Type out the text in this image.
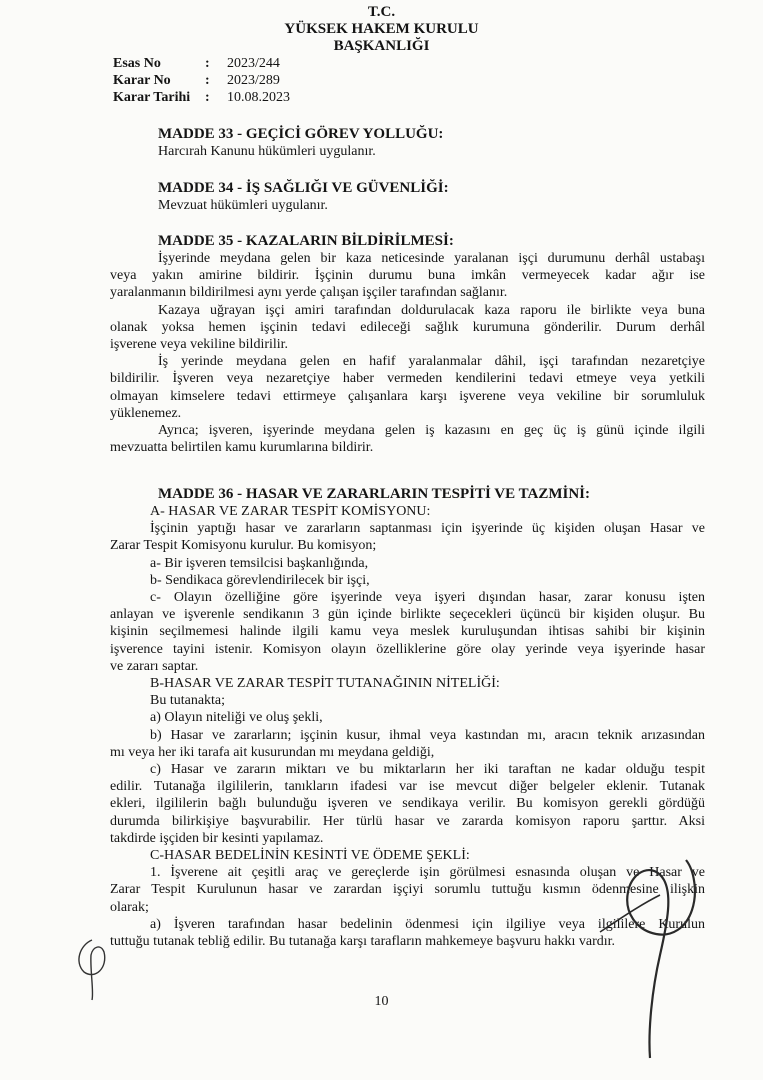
T.C.
YÜKSEK HAKEM KURULU
BAŞKANLIĞI
Esas No	:	2023/244
Karar No	:	2023/289
Karar Tarihi	:	10.08.2023

MADDE 33 - GEÇİCİ GÖREV YOLLUĞU:

Harcırah Kanunu hükümleri uygulanır.

MADDE 34 - İŞ SAĞLIĞI VE GÜVENLİĞİ:

Mevzuat hükümleri uygulanır.

MADDE 35 - KAZALARIN BİLDİRİLMESİ:

İşyerinde meydana gelen bir kaza neticesinde yaralanan işçi durumunu derhâl ustabaşı

veya yakın amirine bildirir. İşçinin durumu buna imkân vermeyecek kadar ağır ise

yaralanmanın bildirilmesi aynı yerde çalışan işçiler tarafından sağlanır.

Kazaya uğrayan işçi amiri tarafından doldurulacak kaza raporu ile birlikte veya buna

olanak yoksa hemen işçinin tedavi edileceği sağlık kurumuna gönderilir. Durum derhâl

işverene veya vekiline bildirilir.

İş yerinde meydana gelen en hafif yaralanmalar dâhil, işçi tarafından nezaretçiye

bildirilir. İşveren veya nezaretçiye haber vermeden kendilerini tedavi etmeye veya yetkili

olmayan kimselere tedavi ettirmeye çalışanlara karşı işverene veya vekiline bir sorumluluk

yüklenemez.

Ayrıca; işveren, işyerinde meydana gelen iş kazasını en geç üç iş günü içinde ilgili

mevzuatta belirtilen kamu kurumlarına bildirir.

MADDE 36 - HASAR VE ZARARLARIN TESPİTİ VE TAZMİNİ:

A- HASAR VE ZARAR TESPİT KOMİSYONU:

İşçinin yaptığı hasar ve zararların saptanması için işyerinde üç kişiden oluşan Hasar ve

Zarar Tespit Komisyonu kurulur. Bu komisyon;

a- Bir işveren temsilcisi başkanlığında,

b- Sendikaca görevlendirilecek bir işçi,

c- Olayın özelliğine göre işyerinde veya işyeri dışından hasar, zarar konusu işten

anlayan ve işverenle sendikanın 3 gün içinde birlikte seçecekleri üçüncü bir kişiden oluşur. Bu

kişinin seçilmemesi halinde ilgili kamu veya meslek kuruluşundan ihtisas sahibi bir kişinin

işverence tayini istenir. Komisyon olayın özelliklerine göre olay yerinde veya işyerinde hasar

ve zararı saptar.

B-HASAR VE ZARAR TESPİT TUTANAĞININ NİTELİĞİ:

Bu tutanakta;

a) Olayın niteliği ve oluş şekli,

b) Hasar ve zararların; işçinin kusur, ihmal veya kastından mı, aracın teknik arızasından

mı veya her iki tarafa ait kusurundan mı meydana geldiği,

c) Hasar ve zararın miktarı ve bu miktarların her iki taraftan ne kadar olduğu tespit

edilir. Tutanağa ilgililerin, tanıkların ifadesi var ise mevcut diğer belgeler eklenir. Tutanak

ekleri, ilgililerin bağlı bulunduğu işveren ve sendikaya verilir. Bu komisyon gerekli gördüğü

durumda bilirkişiye başvurabilir. Her türlü hasar ve zararda komisyon raporu şarttır. Aksi

takdirde işçiden bir kesinti yapılamaz.

C-HASAR BEDELİNİN KESİNTİ VE ÖDEME ŞEKLİ:

1. İşverene ait çeşitli araç ve gereçlerde işin görülmesi esnasında oluşan ve Hasar ve

Zarar Tespit Kurulunun hasar ve zarardan işçiyi sorumlu tuttuğu kısmın ödenmesine ilişkin

olarak;

a) İşveren tarafından hasar bedelinin ödenmesi için ilgiliye veya ilgililere Kurulun

tuttuğu tutanak tebliğ edilir. Bu tutanağa karşı tarafların mahkemeye başvuru hakkı vardır.

10
